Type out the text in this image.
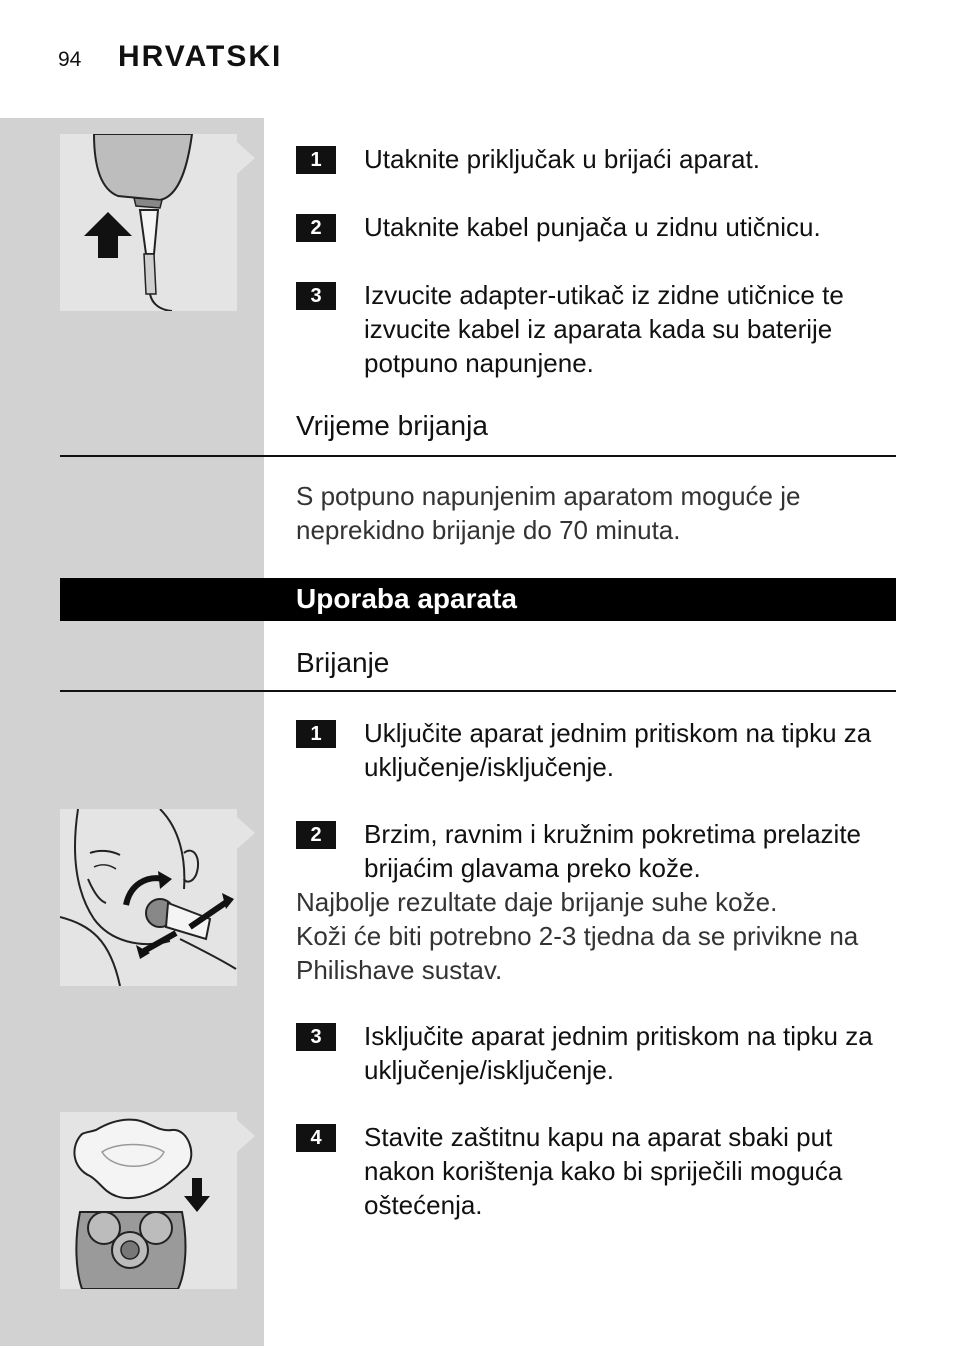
94	HRVATSKI
1	Utaknite priključak u brijaći aparat.
2	Utaknite kabel punjača u zidnu utičnicu.
3	Izvucite adapter-utikač iz zidne utičnice te izvucite kabel iz aparata kada su baterije potpuno napunjene.
Vrijeme brijanja
S potpuno napunjenim aparatom moguće je neprekidno brijanje do 70 minuta.
Uporaba aparata
Brijanje
1	Uključite aparat jednim pritiskom na tipku za uključenje/isključenje.
2	Brzim, ravnim i kružnim pokretima prelazite brijaćim glavama preko kože.
Najbolje rezultate daje brijanje suhe kože.
Koži će biti potrebno 2-3 tjedna da se privikne na Philishave sustav.
3	Isključite aparat jednim pritiskom na tipku za uključenje/isključenje.
4	Stavite zaštitnu kapu na aparat sbaki put nakon korištenja kako bi spriječili moguća oštećenja.
